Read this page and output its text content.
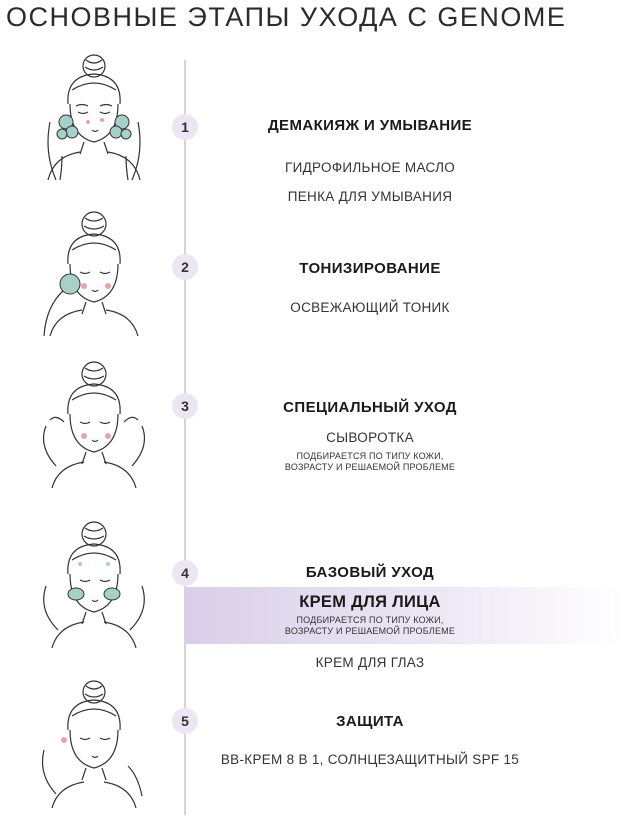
ОСНОВНЫЕ ЭТАПЫ УХОДА С GENOME
1	ДЕМАКИЯЖ И УМЫВАНИЕ
ГИДРОФИЛЬНОЕ МАСЛО
ПЕНКА ДЛЯ УМЫВАНИЯ
2	ТОНИЗИРОВАНИЕ
ОСВЕЖАЮЩИЙ ТОНИК
3	СПЕЦИАЛЬНЫЙ УХОД
СЫВОРОТКА
ПОДБИРАЕТСЯ ПО ТИПУ КОЖИ,
ВОЗРАСТУ И РЕШАЕМОЙ ПРОБЛЕМЕ
4	БАЗОВЫЙ УХОД
КРЕМ ДЛЯ ЛИЦА
ПОДБИРАЕТСЯ ПО ТИПУ КОЖИ,
ВОЗРАСТУ И РЕШАЕМОЙ ПРОБЛЕМЕ
КРЕМ ДЛЯ ГЛАЗ
5	ЗАЩИТА
BB-КРЕМ 8 В 1, СОЛНЦЕЗАЩИТНЫЙ SPF 15
